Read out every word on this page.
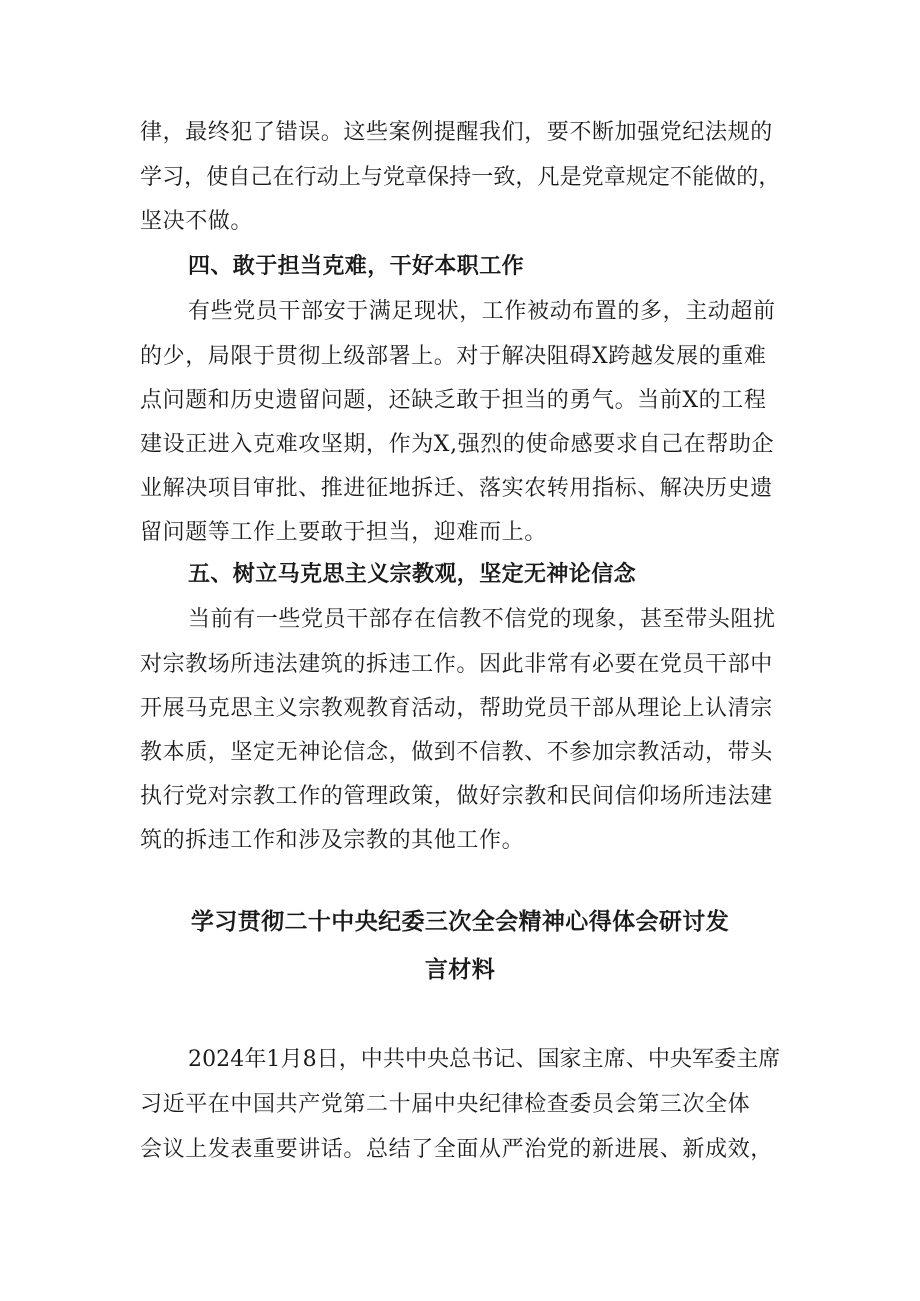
律，最终犯了错误。这些案例提醒我们，要不断加强党纪法规的
学习，使自己在行动上与党章保持一致，凡是党章规定不能做的，
坚决不做。
四、敢于担当克难，干好本职工作
有些党员干部安于满足现状，工作被动布置的多，主动超前
的少，局限于贯彻上级部署上。对于解决阻碍X跨越发展的重难
点问题和历史遗留问题，还缺乏敢于担当的勇气。当前X的工程
建设正进入克难攻坚期，作为X,强烈的使命感要求自己在帮助企
业解决项目审批、推进征地拆迁、落实农转用指标、解决历史遗
留问题等工作上要敢于担当，迎难而上。
五、树立马克思主义宗教观，坚定无神论信念
当前有一些党员干部存在信教不信党的现象，甚至带头阻扰
对宗教场所违法建筑的拆违工作。因此非常有必要在党员干部中
开展马克思主义宗教观教育活动，帮助党员干部从理论上认清宗
教本质，坚定无神论信念，做到不信教、不参加宗教活动，带头
执行党对宗教工作的管理政策，做好宗教和民间信仰场所违法建
筑的拆违工作和涉及宗教的其他工作。
学习贯彻二十中央纪委三次全会精神心得体会研讨发
言材料
2024年1月8日，中共中央总书记、国家主席、中央军委主席
习近平在中国共产党第二十届中央纪律检查委员会第三次全体
会议上发表重要讲话。总结了全面从严治党的新进展、新成效，
